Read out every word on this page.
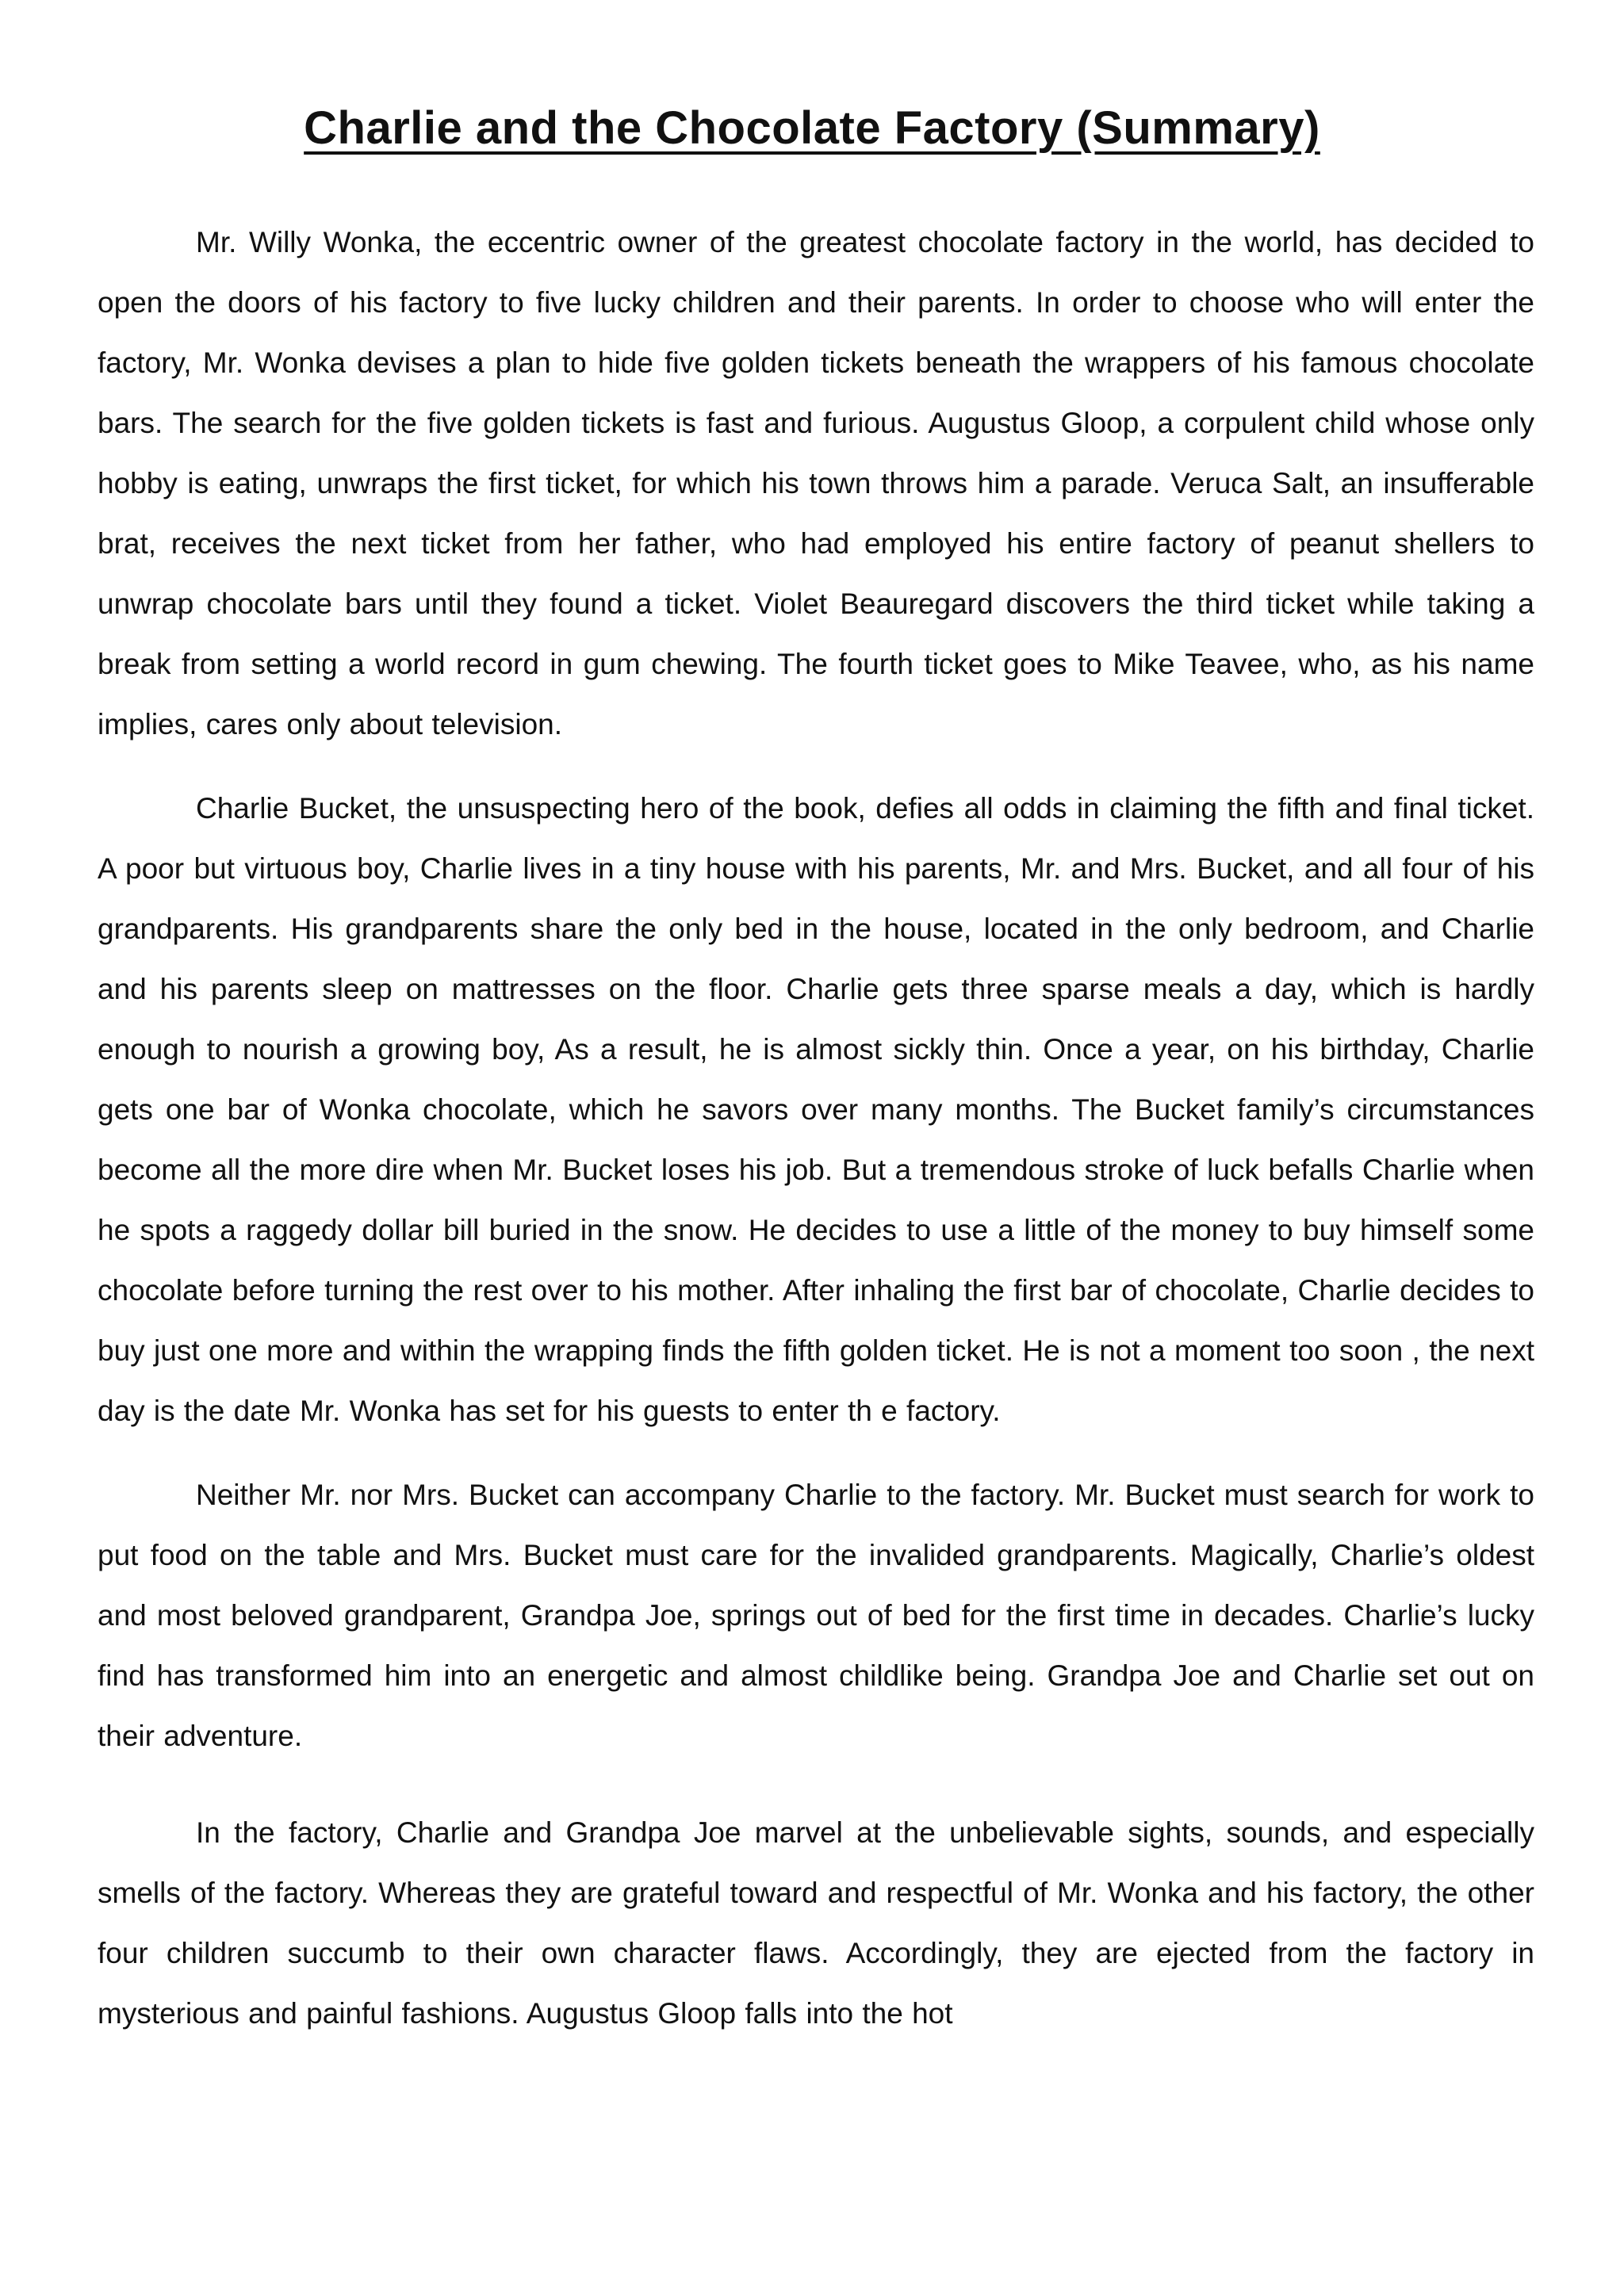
Charlie and the Chocolate Factory (Summary)

Mr. Willy Wonka, the eccentric owner of the greatest chocolate factory in the world, has decided to open the doors of his factory to five lucky children and their parents. In order to choose who will enter the factory, Mr. Wonka devises a plan to hide five golden tickets beneath the wrappers of his famous chocolate bars. The search for the five golden tickets is fast and furious. Augustus Gloop, a corpulent child whose only hobby is eating, unwraps the first ticket, for which his town throws him a parade. Veruca Salt, an insufferable brat, receives the next ticket from her father, who had employed his entire factory of peanut shellers to unwrap chocolate bars until they found a ticket. Violet Beauregard discovers the third ticket while taking a break from setting a world record in gum chewing. The fourth ticket goes to Mike Teavee, who, as his name implies, cares only about television.

Charlie Bucket, the unsuspecting hero of the book, defies all odds in claiming the fifth and final ticket. A poor but virtuous boy, Charlie lives in a tiny house with his parents, Mr. and Mrs. Bucket, and all four of his grandparents. His grandparents share the only bed in the house, located in the only bedroom, and Charlie and his parents sleep on mattresses on the floor. Charlie gets three sparse meals a day, which is hardly enough to nourish a growing boy, As a result, he is almost sickly thin. Once a year, on his birthday, Charlie gets one bar of Wonka chocolate, which he savors over many months. The Bucket family’s circumstances become all the more dire when Mr. Bucket loses his job. But a tremendous stroke of luck befalls Charlie when he spots a raggedy dollar bill buried in the snow. He decides to use a little of the money to buy himself some chocolate before turning the rest over to his mother. After inhaling the first bar of chocolate, Charlie decides to buy just one more and within the wrapping finds the fifth golden ticket. He is not a moment too soon , the next day is the date Mr. Wonka has set for his guests to enter th e factory.

Neither Mr. nor Mrs. Bucket can accompany Charlie to the factory. Mr. Bucket must search for work to put food on the table and Mrs. Bucket must care for the invalided grandparents. Magically, Charlie’s oldest and most beloved grandparent, Grandpa Joe, springs out of bed for the first time in decades. Charlie’s lucky find has transformed him into an energetic and almost childlike being. Grandpa Joe and Charlie set out on their adventure.

In the factory, Charlie and Grandpa Joe marvel at the unbelievable sights, sounds, and especially smells of the factory. Whereas they are grateful toward and respectful of Mr. Wonka and his factory, the other four children succumb to their own character flaws. Accordingly, they are ejected from the factory in mysterious and painful fashions. Augustus Gloop falls into the hot
